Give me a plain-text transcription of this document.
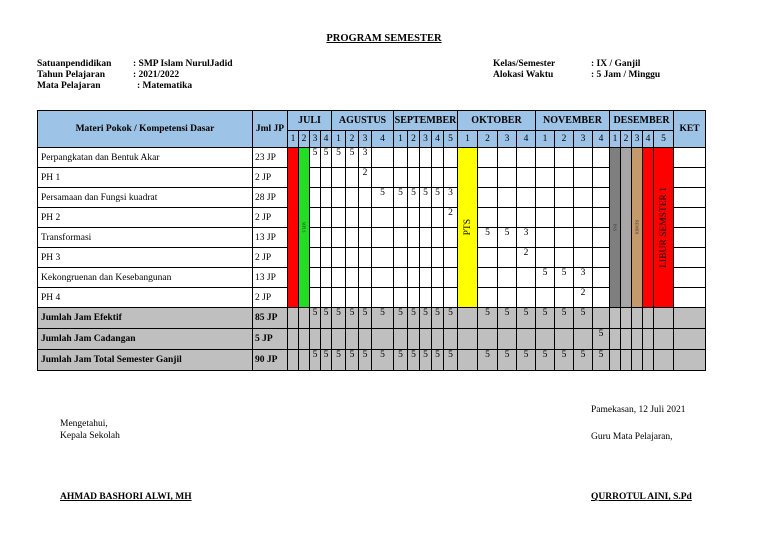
PROGRAM SEMESTER
Satuanpendidikan	: SMP Islam NurulJadid
Tahun Pelajaran	: 2021/2022
Mata Pelajaran	: Matematika
Kelas/Semester	: IX / Ganjil
Alokasi Waktu	: 5 Jam / Minggu
Materi Pokok / Kompetensi Dasar	Jml JP	JULI				AGUSTUS				SEPTEMBER					OKTOBER				NOVEMBER				DESEMBER					KET
		1	2	3	4	1	2	3	4	1	2	3	4	5	1	2	3	4	1	2	3	4	1	2	3	4	5	
Perpangkatan dan Bentuk Akar	23 JP		MPLS	5	5	5	5	3							PTS								PAS		REMIDI		LIBUR SEMSTER 1	

PH 1	2 JP							2																				
Persamaan dan Fungsi kuadrat	28 JP								5	5	5	5	5	3														
PH 2	2 JP													2														
Transformasi	13 JP															5	5	3										
PH 3	2 JP																	2										
Kekongruenan dan Kesebangunan	13 JP																		5	5	3							
PH 4	2 JP																				2							
Jumlah Jam Efektif	85 JP			5	5	5	5	5	5	5	5	5	5	5		5	5	5	5	5	5							
Jumlah Jam Cadangan	5 JP																					5						
Jumlah Jam Total Semester Ganjil	90 JP			5	5	5	5	5	5	5	5	5	5	5		5	5	5	5	5	5	5						
Pamekasan, 12 Juli 2021
Mengetahui,
Kepala Sekolah	Guru Mata Pelajaran,
AHMAD BASHORI ALWI, MH	QURROTUL AINI, S.Pd
